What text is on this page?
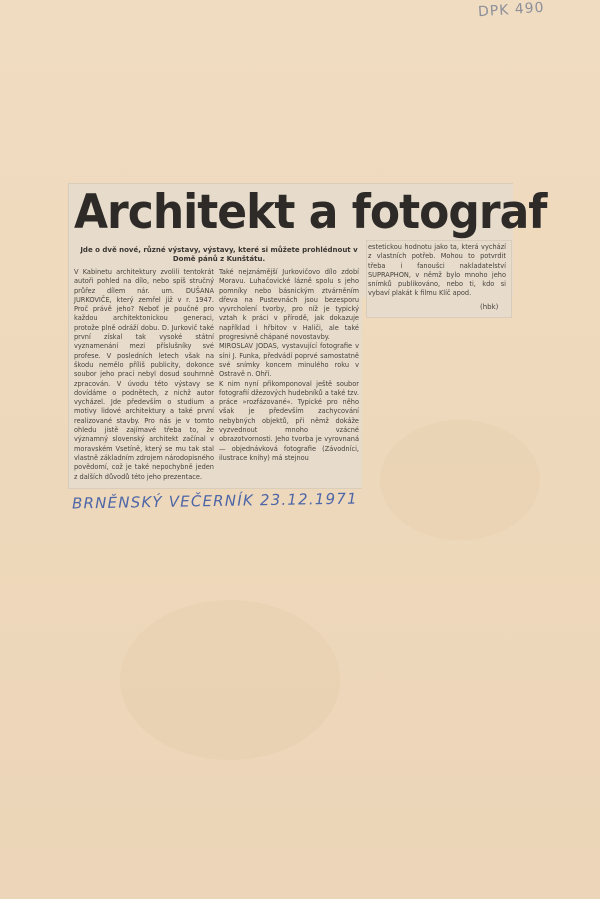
DPK 490
Architekt a fotograf
Jde o dvě nové, různé výstavy, výstavy, které si můžete prohlédnout v Domě pánů z Kunštátu.
V Kabinetu architektury zvolili tentokrát autoři pohled na dílo, nebo spíš stručný průřez dílem nár. um. DUŠANA JURKOVIČE, který zemřel již v r. 1947. Proč právě jeho? Neboť je poučné pro každou architektonickou generaci, protože plně odráží dobu. D. Jurkovič také první získal tak vysoké státní vyznamenání mezi příslušníky své profese. V posledních letech však na škodu nemělo příliš publicity, dokonce soubor jeho prací nebyl dosud souhrnně zpracován. V úvodu této výstavy se dovídáme o podnětech, z nichž autor vycházel. Jde především o studium a motivy lidové architektury a také první realizované stavby. Pro nás je v tomto ohledu jistě zajímavé třeba to, že významný slovenský architekt začínal v moravském Vsetíně, který se mu tak stal vlastně základním zdrojem národopisného povědomí, což je také nepochybně jeden z dalších důvodů této jeho prezentace.
Také nejznámější Jurkovičovo dílo zdobí Moravu. Luhačovické lázně spolu s jeho pomníky nebo básnickým ztvárněním dřeva na Pustevnách jsou bezesporu vyvrcholení tvorby, pro níž je typický vztah k práci v přírodě, jak dokazuje například i hřbitov v Haliči, ale také progresivně chápané novostavby.
MIROSLAV JODAS, vystavující fotografie v síni J. Funka, předvádí poprvé samostatně své snímky koncem minulého roku v Ostravě n. Ohří.
K nim nyní přikomponoval ještě soubor fotografií džezových hudebníků a také tzv. práce »rozfázované«. Typické pro něho však je především zachycování nebybných objektů, při němž dokáže vyzvednout mnoho vzácné obrazotvornosti. Jeho tvorba je vyrovnaná — objednávková fotografie (Závodníci, ilustrace knihy) má stejnou
estetickou hodnotu jako ta, která vychází z vlastních potřeb. Mohou to potvrdit třeba i fanoušci nakladatelství SUPRAPHON, v němž bylo mnoho jeho snímků publikováno, nebo ti, kdo si vybaví plakát k filmu Klíč apod.
(hbk)
BRNĚNSKÝ VEČERNÍK 23.12.1971
